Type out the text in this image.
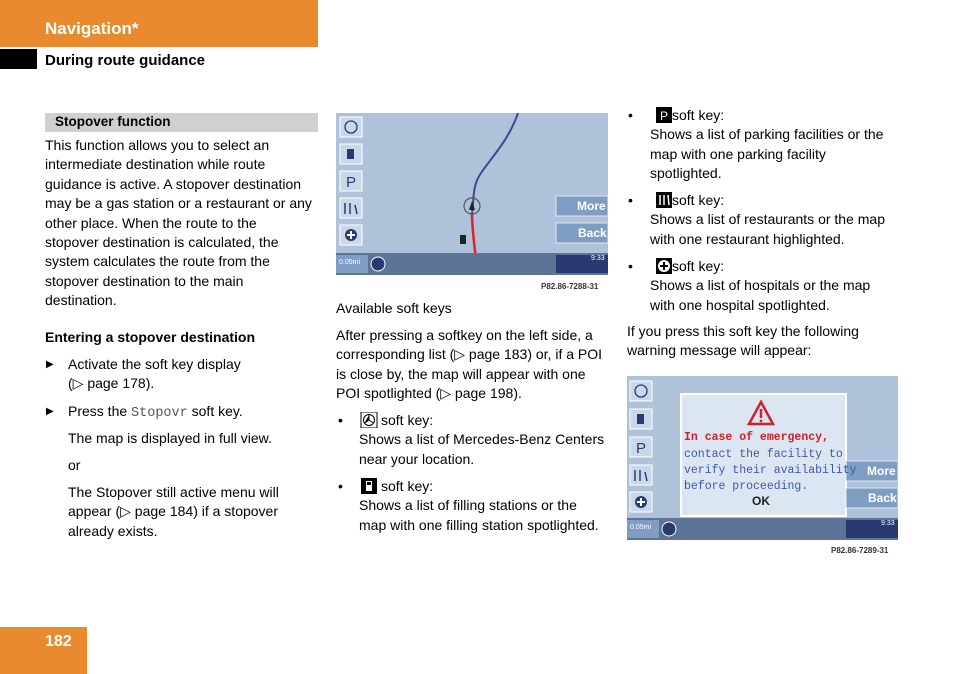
Navigation*
During route guidance
Stopover function
This function allows you to select an
intermediate destination while route
guidance is active. A stopover destination
may be a gas station or a restaurant or any
other place. When the route to the
stopover destination is calculated, the
system calculates the route from the
stopover destination to the main
destination.
Entering a stopover destination
▶ Activate the soft key display
(▷ page 178).
▶ Press the Stopovr soft key.
The map is displayed in full view.
or
The Stopover still active menu will
appear (▷ page 184) if a stopover
already exists.
P
More
Back
0.05mi
9:33
P82.86-7288-31
Available soft keys
After pressing a softkey on the left side, a
corresponding list (▷ page 183) or, if a POI
is close by, the map will appear with one
POI spotlighted (▷ page 198).
•	soft key:
Shows a list of Mercedes-Benz Centers
near your location.
•	soft key:
Shows a list of filling stations or the
map with one filling station spotlighted.
• P soft key:
Shows a list of parking facilities or the
map with one parking facility
spotlighted.
•	soft key:
Shows a list of restaurants or the map
with one restaurant highlighted.
•	soft key:
Shows a list of hospitals or the map
with one hospital spotlighted.
If you press this soft key the following
warning message will appear:
P
In case of emergency,
contact the facility to
verify their availability
before proceeding.
OK
More
Back
0.05mi
9:33
P82.86-7289-31
182
